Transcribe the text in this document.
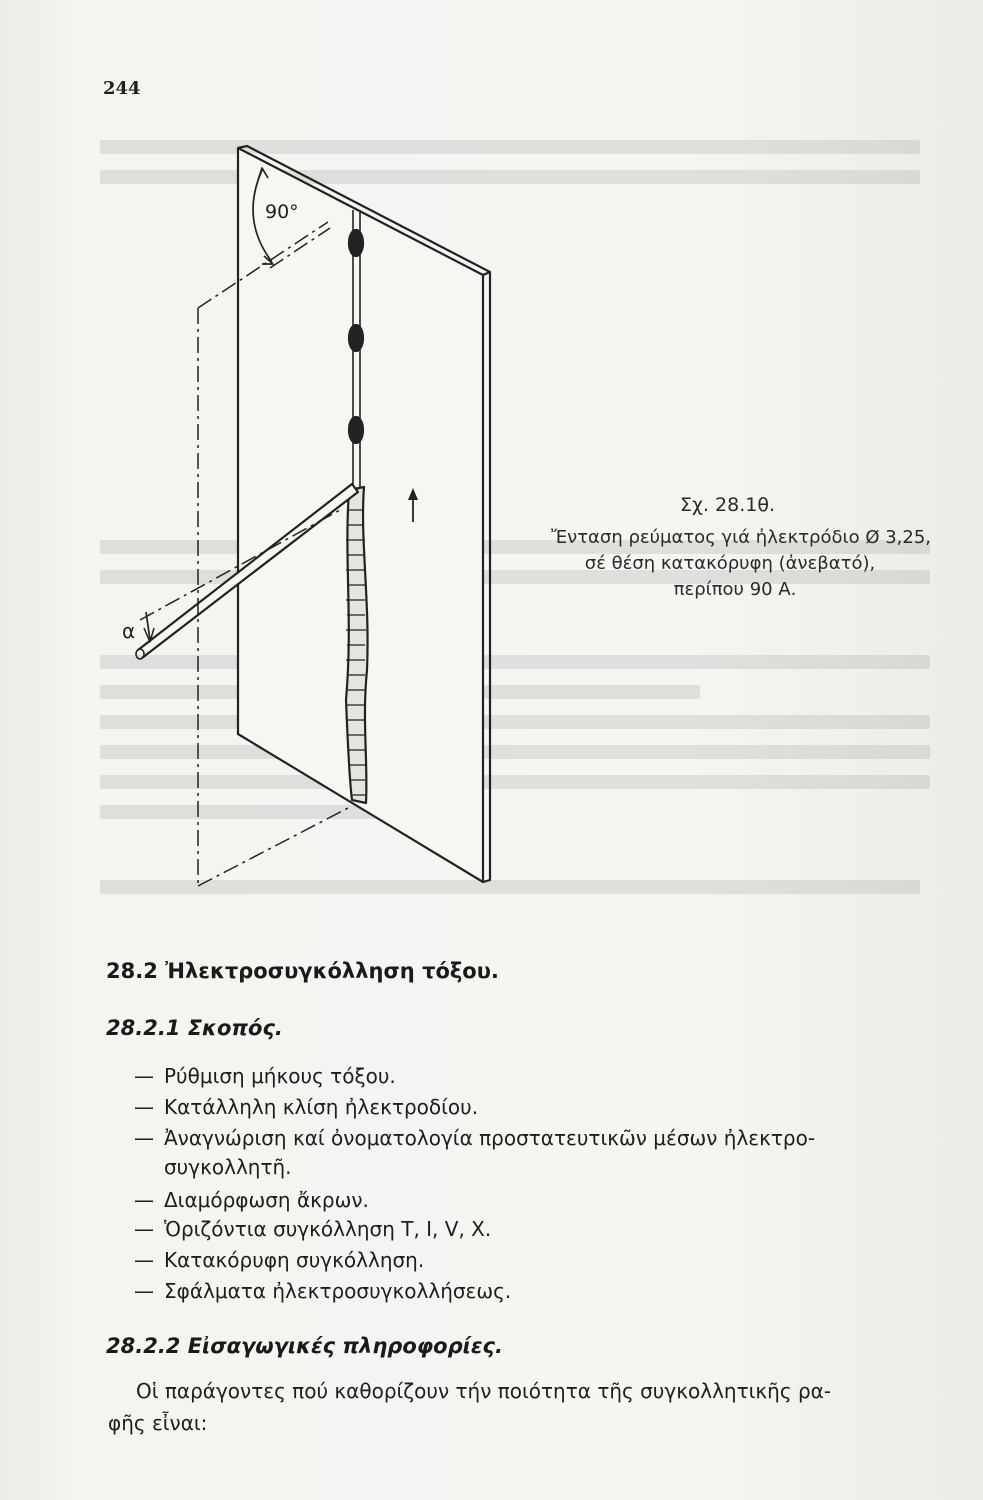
244
90°
α
Σχ. 28.1θ.
Ἔνταση ρεύματος γιά ἠλεκτρόδιο Ø 3,25,
σέ θέση κατακόρυφη (ἀνεβατό),
περίπου 90 Α.
28.2 Ἠλεκτροσυγκόλληση τόξου.
28.2.1 Σκοπός.
— Ρύθμιση μήκους τόξου.
— Κατάλληλη κλίση ἠλεκτροδίου.
— Ἀναγνώριση καί ὀνοματολογία προστατευτικῶν μέσων ἠλεκτρο-
συγκολλητῆ.
— Διαμόρφωση ἄκρων.
— Ὁριζόντια συγκόλληση Τ, Ι, V, Χ.
— Κατακόρυφη συγκόλληση.
— Σφάλματα ἠλεκτροσυγκολλήσεως.
28.2.2 Εἰσαγωγικές πληροφορίες.
Οἱ παράγοντες πού καθορίζουν τήν ποιότητα τῆς συγκολλητικῆς ρα-
φῆς εἶναι:
